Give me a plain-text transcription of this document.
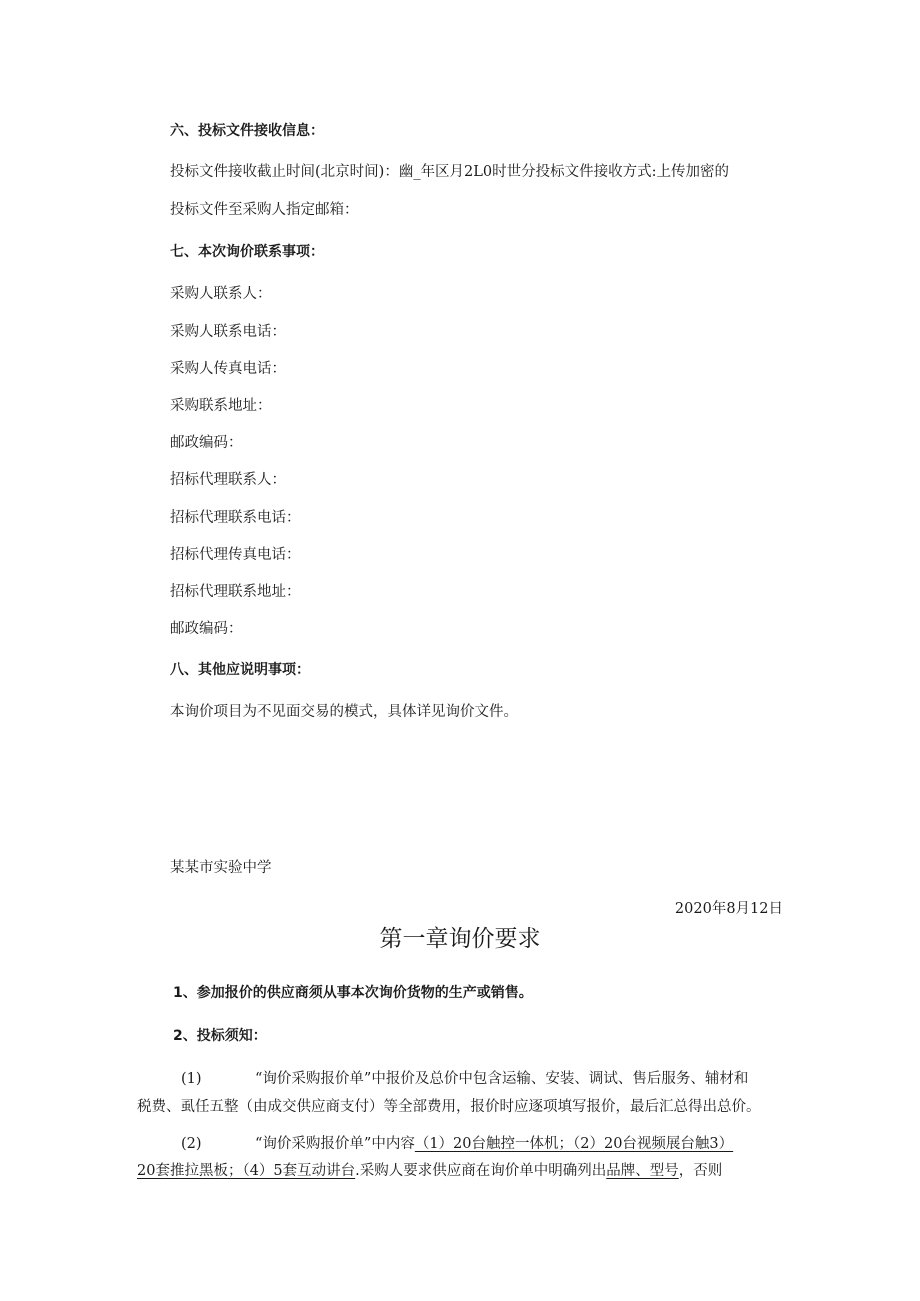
六、投标文件接收信息：
投标文件接收截止时间(北京时间)：幽_年区月2L0时世分投标文件接收方式:上传加密的
投标文件至采购人指定邮箱：
七、本次询价联系事项：
采购人联系人：
采购人联系电话：
采购人传真电话：
采购联系地址：
邮政编码：
招标代理联系人：
招标代理联系电话：
招标代理传真电话：
招标代理联系地址：
邮政编码：
八、其他应说明事项：
本询价项目为不见面交易的模式，具体详见询价文件。
某某市实验中学
2020年8月12日
第一章询价要求
1、参加报价的供应商须从事本次询价货物的生产或销售。
2、投标须知：
(1)	“询价采购报价单”中报价及总价中包含运输、安装、调试、售后服务、辅材和
税费、虱任五整（由成交供应商支付）等全部费用，报价时应逐项填写报价，最后汇总得出总价。
(2)	“询价采购报价单”中内容（1）20台触控一体机；（2）20台视频展台触3）
20套推拉黑板；（4）5套互动讲台.采购人要求供应商在询价单中明确列出品牌、型号，否则
